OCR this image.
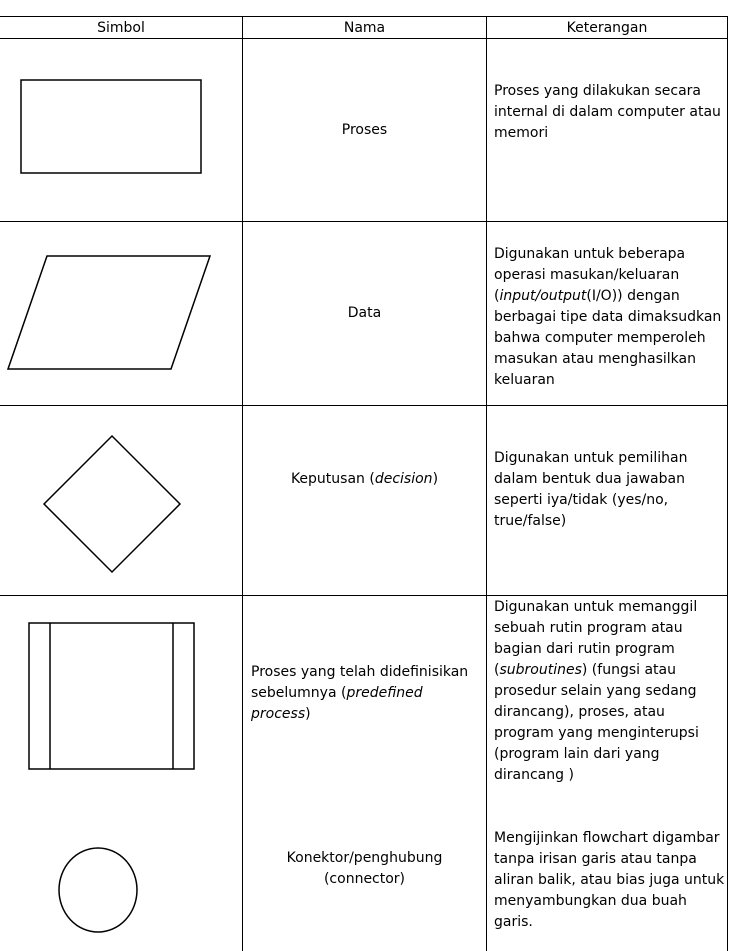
Simbol	Nama	Keterangan
Proses
Proses yang dilakukan secara internal di dalam computer atau memori
Data
Digunakan untuk beberapa operasi masukan/keluaran (input/output(I/O)) dengan berbagai tipe data dimaksudkan bahwa computer memperoleh masukan atau menghasilkan keluaran
Keputusan (decision)
Digunakan untuk pemilihan dalam bentuk dua jawaban seperti iya/tidak (yes/no, true/false)
Proses yang telah didefinisikan sebelumnya (predefined process)
Digunakan untuk memanggil sebuah rutin program atau bagian dari rutin program (subroutines) (fungsi atau prosedur selain yang sedang dirancang), proses, atau program yang menginterupsi (program lain dari yang dirancang )
Konektor/penghubung
(connector)
Mengijinkan flowchart digambar tanpa irisan garis atau tanpa aliran balik, atau bias juga untuk menyambungkan dua buah garis.
